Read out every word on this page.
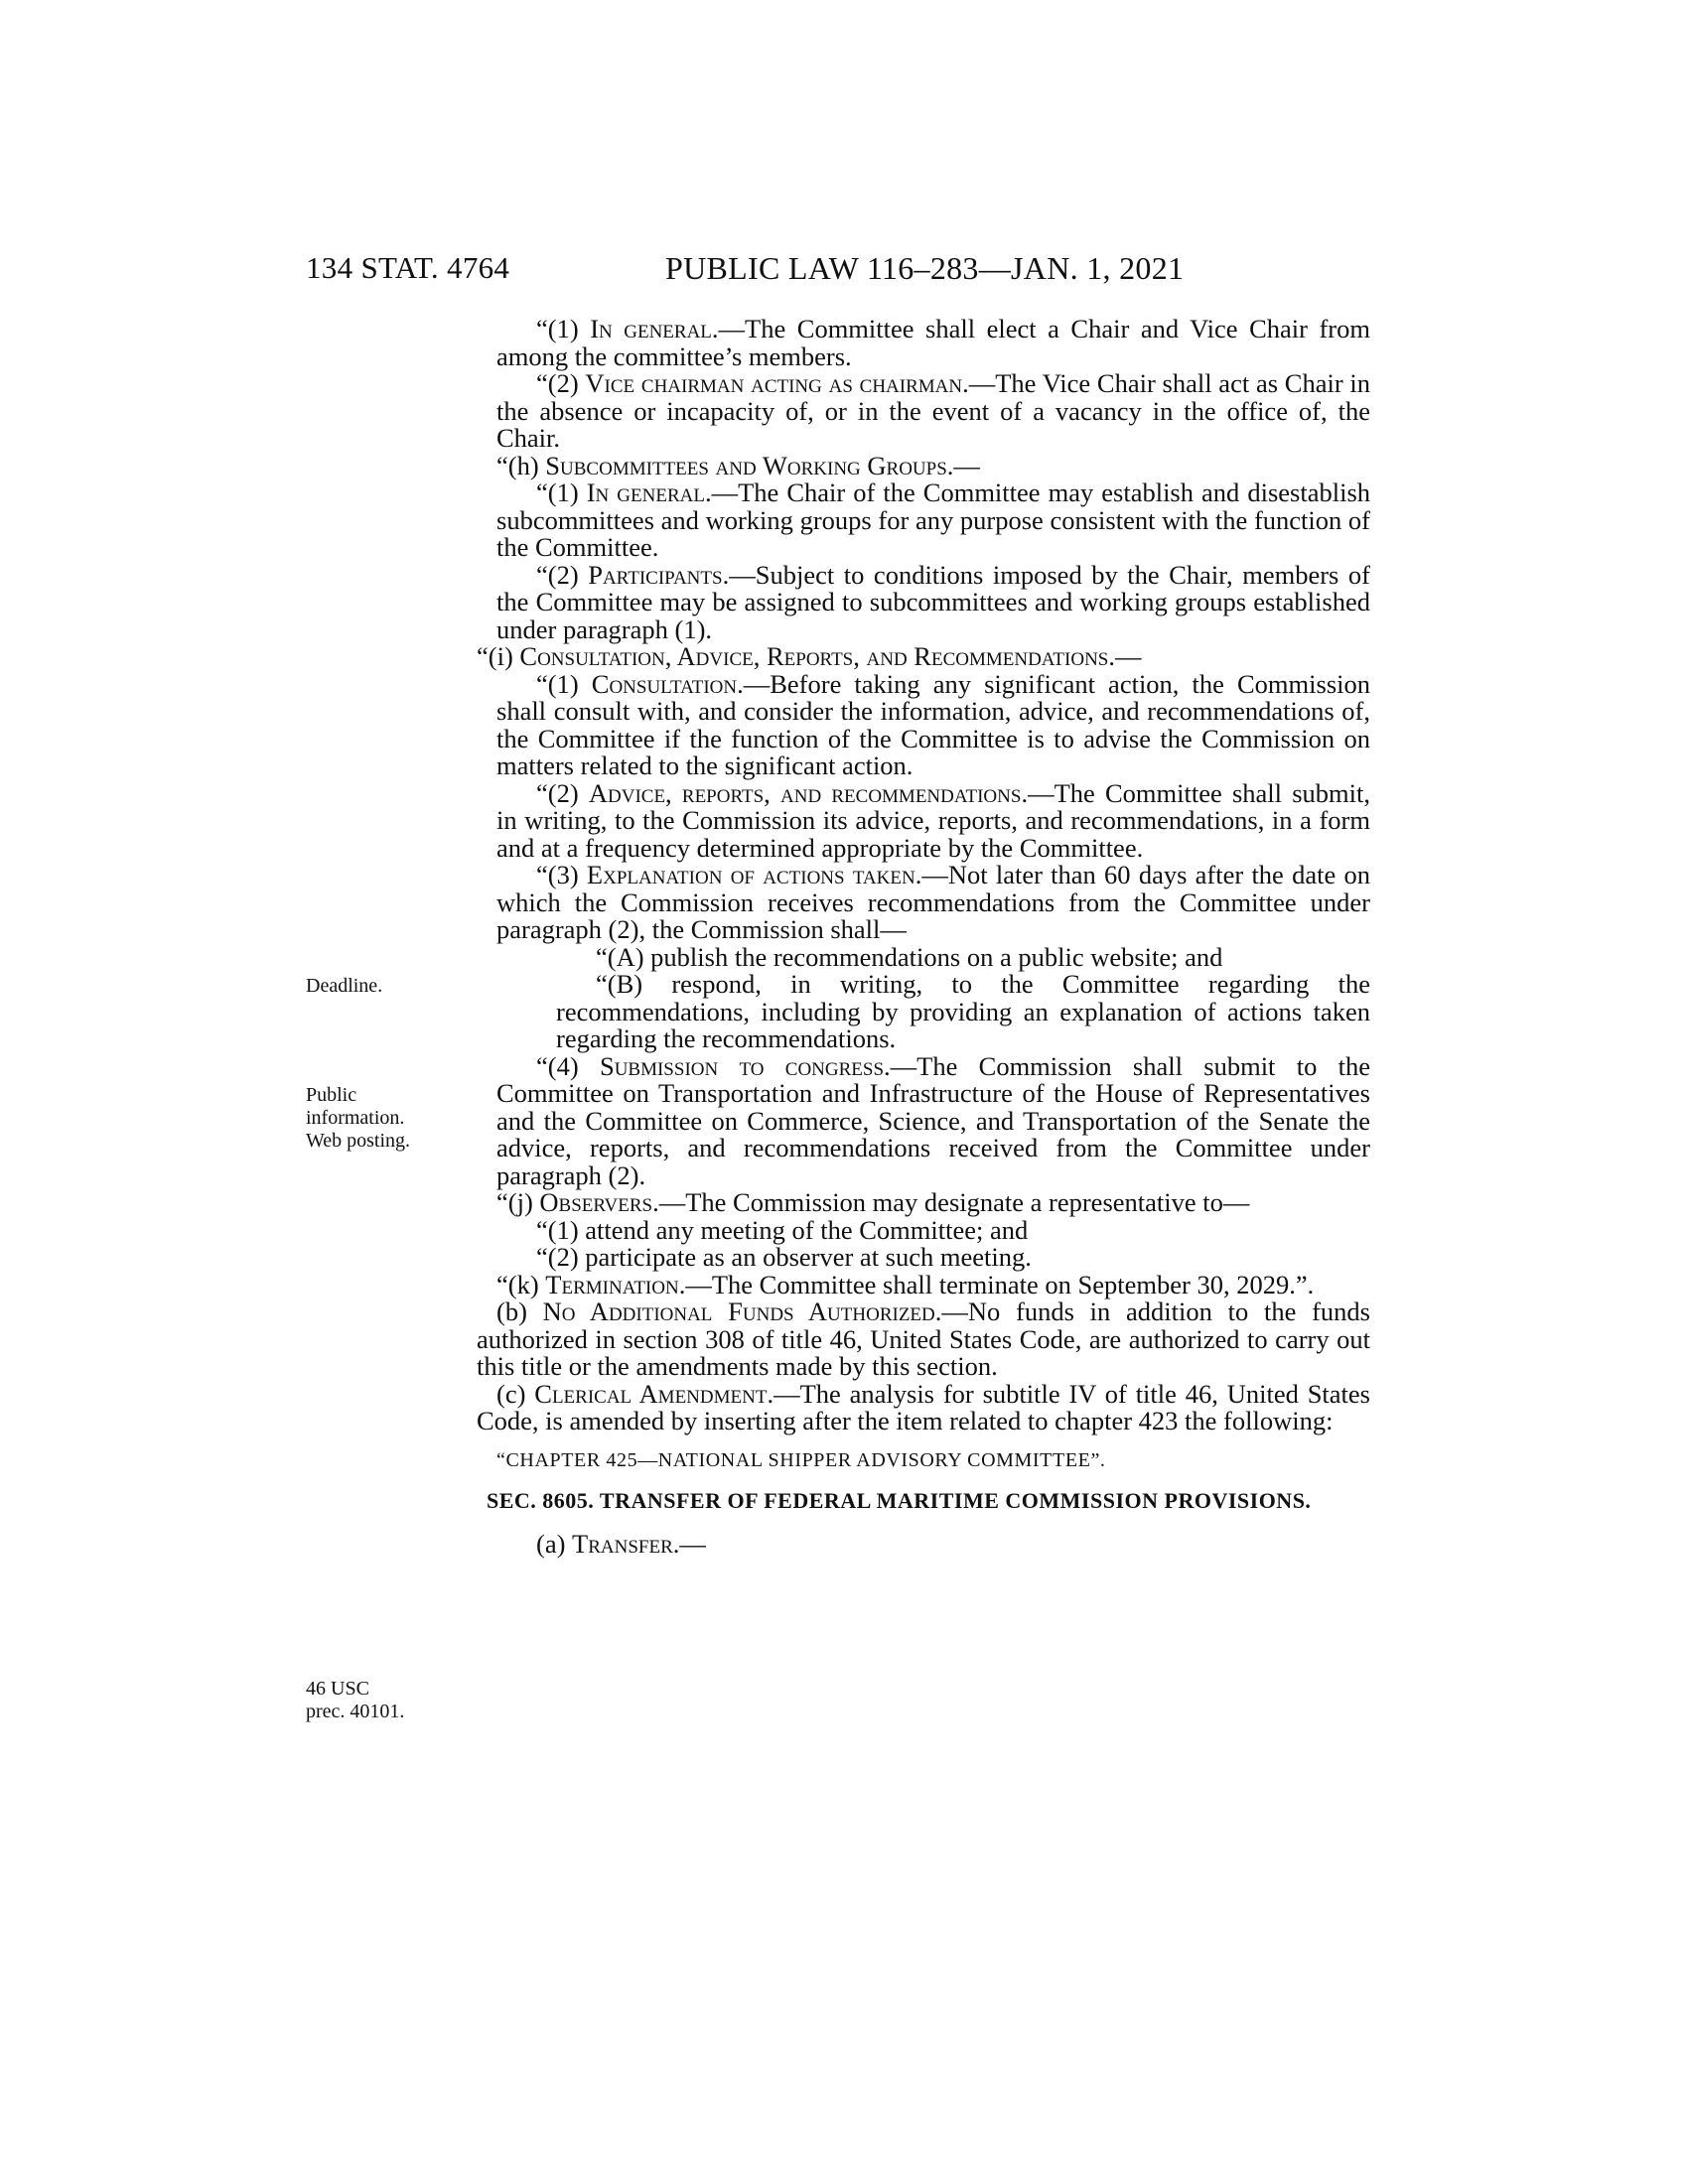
134 STAT. 4764	PUBLIC LAW 116–283—JAN. 1, 2021
Deadline.
Public
information.
Web posting.
46 USC
prec. 40101.

“(1) In general.—The Committee shall elect a Chair and Vice Chair from among the committee’s members.

“(2) Vice chairman acting as chairman.—The Vice Chair shall act as Chair in the absence or incapacity of, or in the event of a vacancy in the office of, the Chair.

“(h) Subcommittees and Working Groups.—

“(1) In general.—The Chair of the Committee may establish and disestablish subcommittees and working groups for any purpose consistent with the function of the Committee.

“(2) Participants.—Subject to conditions imposed by the Chair, members of the Committee may be assigned to subcommittees and working groups established under paragraph (1).

“(i) Consultation, Advice, Reports, and Recommendations.—

“(1) Consultation.—Before taking any significant action, the Commission shall consult with, and consider the information, advice, and recommendations of, the Committee if the function of the Committee is to advise the Commission on matters related to the significant action.

“(2) Advice, reports, and recommendations.—The Committee shall submit, in writing, to the Commission its advice, reports, and recommendations, in a form and at a frequency determined appropriate by the Committee.

“(3) Explanation of actions taken.—Not later than 60 days after the date on which the Commission receives recommendations from the Committee under paragraph (2), the Commission shall—

“(A) publish the recommendations on a public website; and

“(B) respond, in writing, to the Committee regarding the recommendations, including by providing an explanation of actions taken regarding the recommendations.

“(4) Submission to congress.—The Commission shall submit to the Committee on Transportation and Infrastructure of the House of Representatives and the Committee on Commerce, Science, and Transportation of the Senate the advice, reports, and recommendations received from the Committee under paragraph (2).

“(j) Observers.—The Commission may designate a representative to—

“(1) attend any meeting of the Committee; and

“(2) participate as an observer at such meeting.

“(k) Termination.—The Committee shall terminate on September 30, 2029.”.

(b) No Additional Funds Authorized.—No funds in addition to the funds authorized in section 308 of title 46, United States Code, are authorized to carry out this title or the amendments made by this section.

(c) Clerical Amendment.—The analysis for subtitle IV of title 46, United States Code, is amended by inserting after the item related to chapter 423 the following:

“CHAPTER 425—NATIONAL SHIPPER ADVISORY COMMITTEE”.

SEC. 8605. TRANSFER OF FEDERAL MARITIME COMMISSION PROVISIONS.

(a) Transfer.—
